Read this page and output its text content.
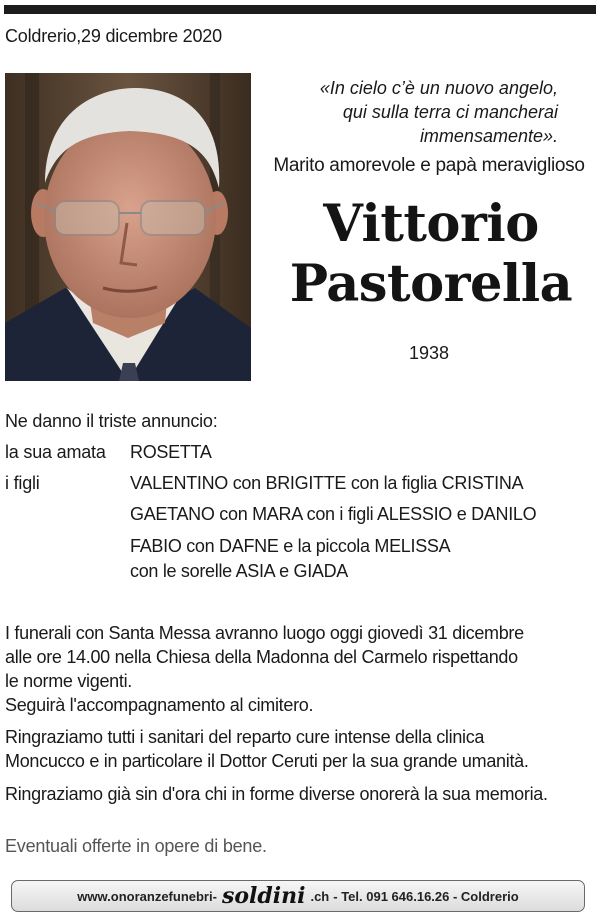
Coldrerio,29 dicembre 2020
«In cielo c’è un nuovo angelo,
qui sulla terra ci mancherai
immensamente».
Marito amorevole e papà meraviglioso
Vittorio
Pastorella
1938
Ne danno il triste annuncio:
la sua amata ROSETTA
i figli	VALENTINO con BRIGITTE con la figlia CRISTINA
GAETANO con MARA con i figli ALESSIO e DANILO
FABIO con DAFNE e la piccola MELISSA
con le sorelle ASIA e GIADA
I funerali con Santa Messa avranno luogo oggi giovedì 31 dicembre
alle ore 14.00 nella Chiesa della Madonna del Carmelo rispettando
le norme vigenti.
Seguirà l'accompagnamento al cimitero.
Ringraziamo tutti i sanitari del reparto cure intense della clinica
Moncucco e in particolare il Dottor Ceruti per la sua grande umanità.
Ringraziamo già sin d'ora chi in forme diverse onorerà la sua memoria.
Eventuali offerte in opere di bene.
www.onoranzefunebri- soldini .ch - Tel. 091 646.16.26 - Coldrerio
